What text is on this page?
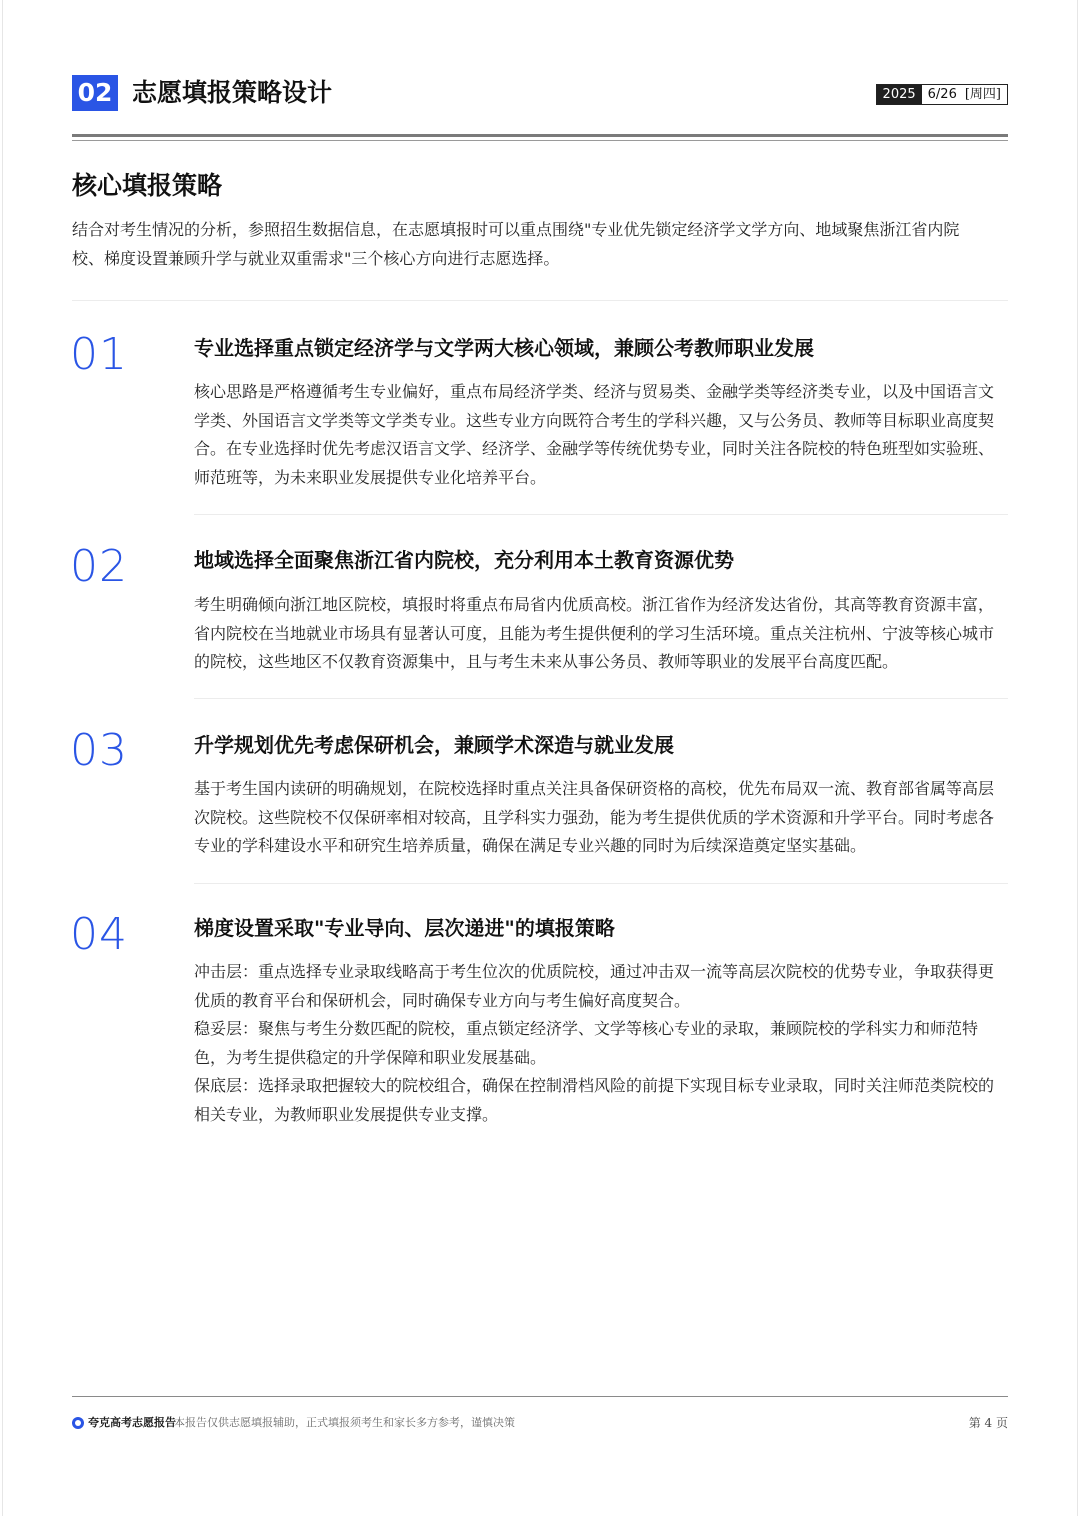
02 志愿填报策略设计	2025 6/26 [周四]
核心填报策略
结合对考生情况的分析，参照招生数据信息，在志愿填报时可以重点围绕"专业优先锁定经济学文学方向、地域聚焦浙江省内院校、梯度设置兼顾升学与就业双重需求"三个核心方向进行志愿选择。
01	专业选择重点锁定经济学与文学两大核心领域，兼顾公考教师职业发展

核心思路是严格遵循考生专业偏好，重点布局经济学类、经济与贸易类、金融学类等经济类专业，以及中国语言文学类、外国语言文学类等文学类专业。这些专业方向既符合考生的学科兴趣，又与公务员、教师等目标职业高度契合。在专业选择时优先考虑汉语言文学、经济学、金融学等传统优势专业，同时关注各院校的特色班型如实验班、师范班等，为未来职业发展提供专业化培养平台。

02	地域选择全面聚焦浙江省内院校，充分利用本土教育资源优势

考生明确倾向浙江地区院校，填报时将重点布局省内优质高校。浙江省作为经济发达省份，其高等教育资源丰富，省内院校在当地就业市场具有显著认可度，且能为考生提供便利的学习生活环境。重点关注杭州、宁波等核心城市的院校，这些地区不仅教育资源集中，且与考生未来从事公务员、教师等职业的发展平台高度匹配。

03	升学规划优先考虑保研机会，兼顾学术深造与就业发展

基于考生国内读研的明确规划，在院校选择时重点关注具备保研资格的高校，优先布局双一流、教育部省属等高层次院校。这些院校不仅保研率相对较高，且学科实力强劲，能为考生提供优质的学术资源和升学平台。同时考虑各专业的学科建设水平和研究生培养质量，确保在满足专业兴趣的同时为后续深造奠定坚实基础。

04	梯度设置采取"专业导向、层次递进"的填报策略

冲击层：重点选择专业录取线略高于考生位次的优质院校，通过冲击双一流等高层次院校的优势专业，争取获得更优质的教育平台和保研机会，同时确保专业方向与考生偏好高度契合。

稳妥层：聚焦与考生分数匹配的院校，重点锁定经济学、文学等核心专业的录取，兼顾院校的学科实力和师范特色，为考生提供稳定的升学保障和职业发展基础。

保底层：选择录取把握较大的院校组合，确保在控制滑档风险的前提下实现目标专业录取，同时关注师范类院校的相关专业，为教师职业发展提供专业支撑。

夸克高考志愿报告
本报告仅供志愿填报辅助，正式填报须考生和家长多方参考，谨慎决策	第 4 页
